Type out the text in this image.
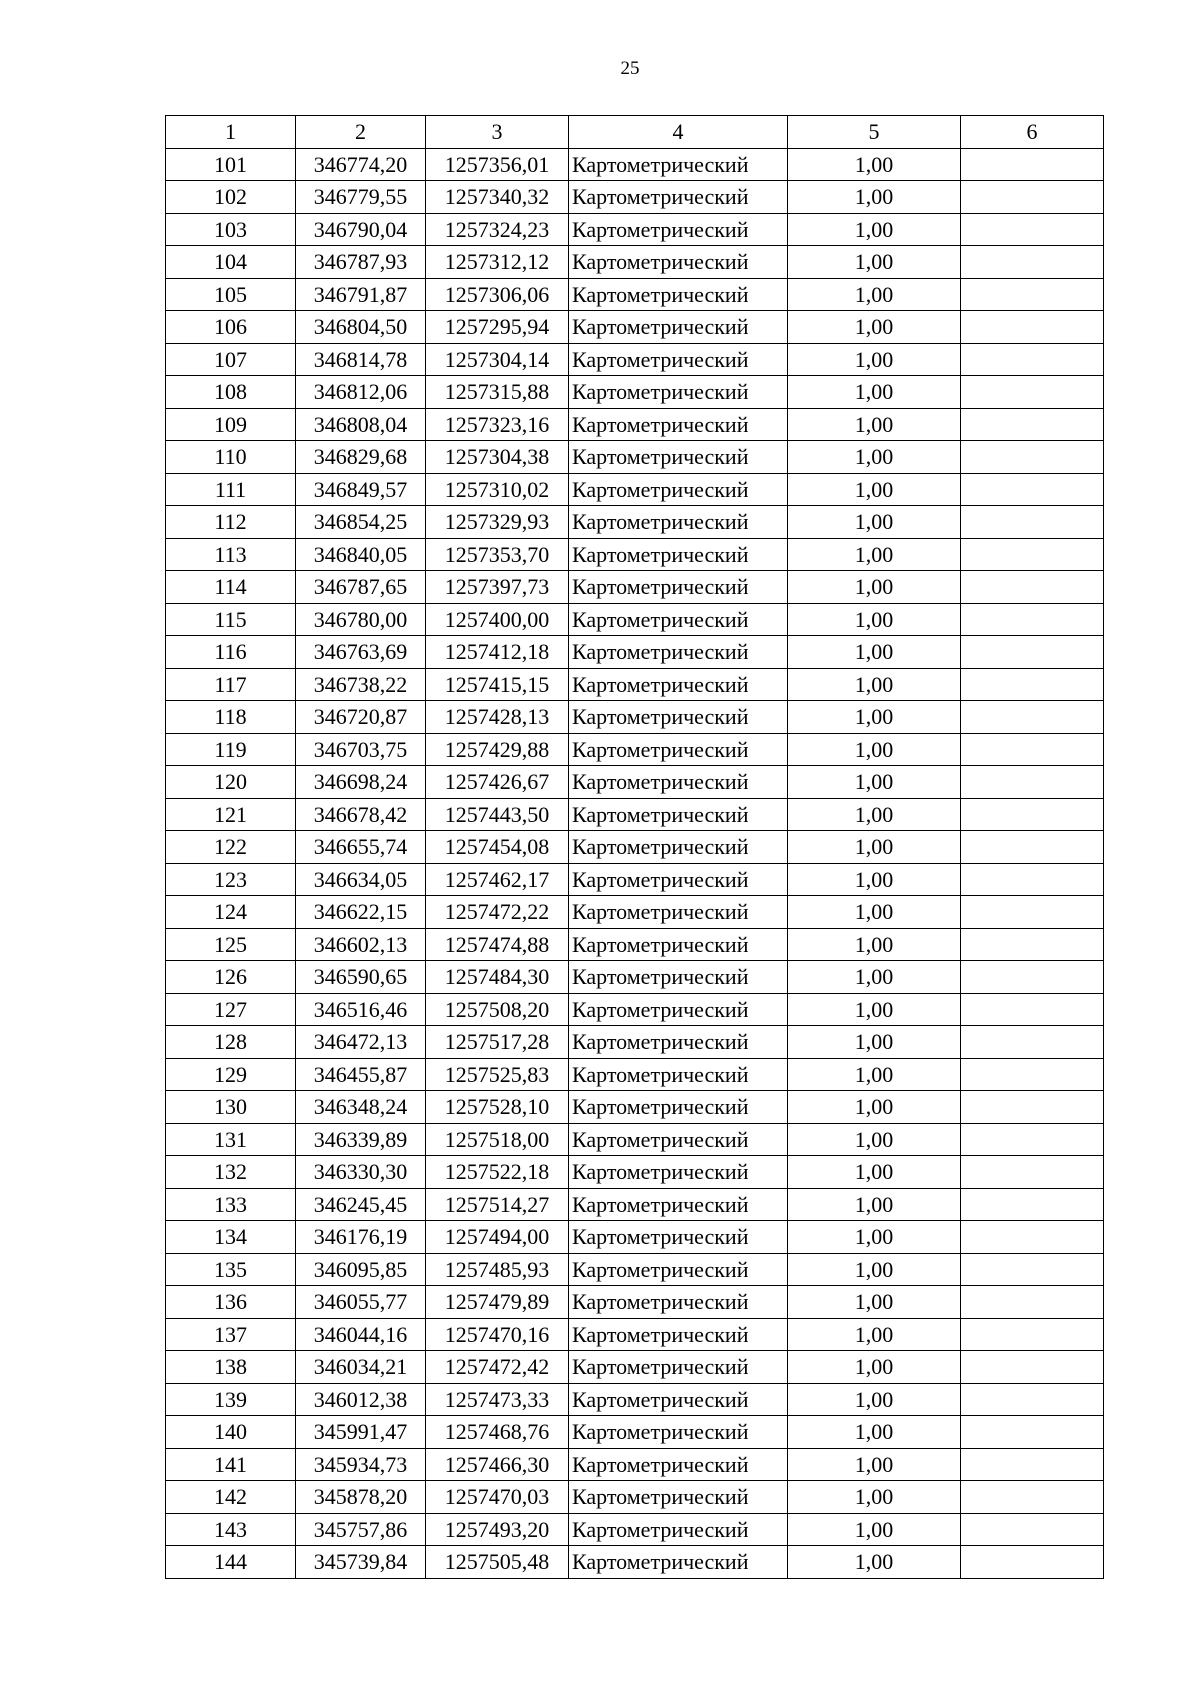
25
1	2	3	4	5	6
101	346774,20	1257356,01	Картометрический	1,00	
102	346779,55	1257340,32	Картометрический	1,00	
103	346790,04	1257324,23	Картометрический	1,00	
104	346787,93	1257312,12	Картометрический	1,00	
105	346791,87	1257306,06	Картометрический	1,00	
106	346804,50	1257295,94	Картометрический	1,00	
107	346814,78	1257304,14	Картометрический	1,00	
108	346812,06	1257315,88	Картометрический	1,00	
109	346808,04	1257323,16	Картометрический	1,00	
110	346829,68	1257304,38	Картометрический	1,00	
111	346849,57	1257310,02	Картометрический	1,00	
112	346854,25	1257329,93	Картометрический	1,00	
113	346840,05	1257353,70	Картометрический	1,00	
114	346787,65	1257397,73	Картометрический	1,00	
115	346780,00	1257400,00	Картометрический	1,00	
116	346763,69	1257412,18	Картометрический	1,00	
117	346738,22	1257415,15	Картометрический	1,00	
118	346720,87	1257428,13	Картометрический	1,00	
119	346703,75	1257429,88	Картометрический	1,00	
120	346698,24	1257426,67	Картометрический	1,00	
121	346678,42	1257443,50	Картометрический	1,00	
122	346655,74	1257454,08	Картометрический	1,00	
123	346634,05	1257462,17	Картометрический	1,00	
124	346622,15	1257472,22	Картометрический	1,00	
125	346602,13	1257474,88	Картометрический	1,00	
126	346590,65	1257484,30	Картометрический	1,00	
127	346516,46	1257508,20	Картометрический	1,00	
128	346472,13	1257517,28	Картометрический	1,00	
129	346455,87	1257525,83	Картометрический	1,00	
130	346348,24	1257528,10	Картометрический	1,00	
131	346339,89	1257518,00	Картометрический	1,00	
132	346330,30	1257522,18	Картометрический	1,00	
133	346245,45	1257514,27	Картометрический	1,00	
134	346176,19	1257494,00	Картометрический	1,00	
135	346095,85	1257485,93	Картометрический	1,00	
136	346055,77	1257479,89	Картометрический	1,00	
137	346044,16	1257470,16	Картометрический	1,00	
138	346034,21	1257472,42	Картометрический	1,00	
139	346012,38	1257473,33	Картометрический	1,00	
140	345991,47	1257468,76	Картометрический	1,00	
141	345934,73	1257466,30	Картометрический	1,00	
142	345878,20	1257470,03	Картометрический	1,00	
143	345757,86	1257493,20	Картометрический	1,00	
144	345739,84	1257505,48	Картометрический	1,00	
